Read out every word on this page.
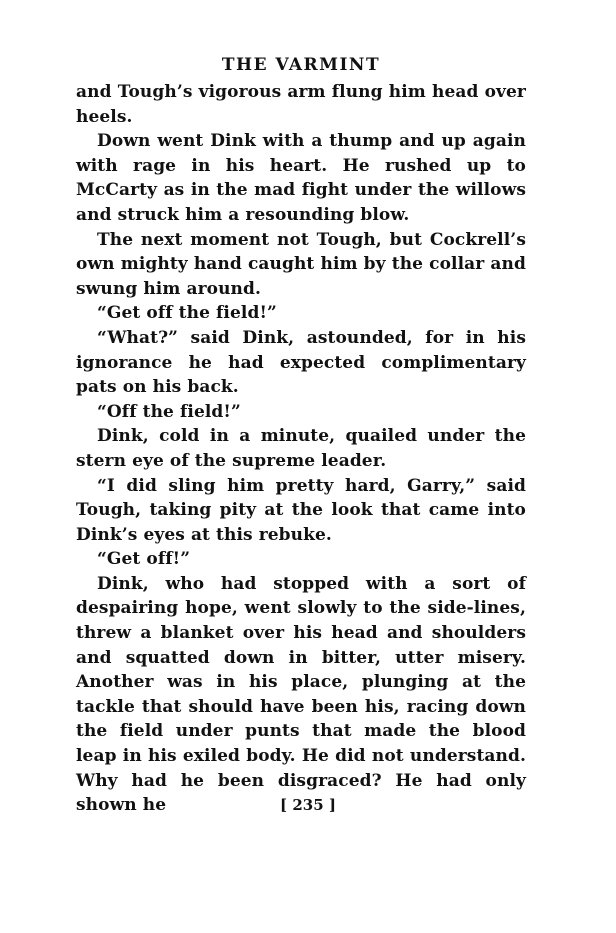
THE VARMINT

and Tough’s vigorous arm flung him head over heels.

Down went Dink with a thump and up again with rage in his heart. He rushed up to McCarty as in the mad fight under the willows and struck him a resounding blow.

The next moment not Tough, but Cockrell’s own mighty hand caught him by the collar and swung him around.

“Get off the field!”

“What?” said Dink, astounded, for in his ignorance he had expected complimentary pats on his back.

“Off the field!”

Dink, cold in a minute, quailed under the stern eye of the supreme leader.

“I did sling him pretty hard, Garry,” said Tough, taking pity at the look that came into Dink’s eyes at this rebuke.

“Get off!”

Dink, who had stopped with a sort of despairing hope, went slowly to the side-lines, threw a blanket over his head and shoulders and squatted down in bitter, utter misery. Another was in his place, plunging at the tackle that should have been his, racing down the field under punts that made the blood leap in his exiled body. He did not understand. Why had he been disgraced? He had only shown he	[ 235 ]
